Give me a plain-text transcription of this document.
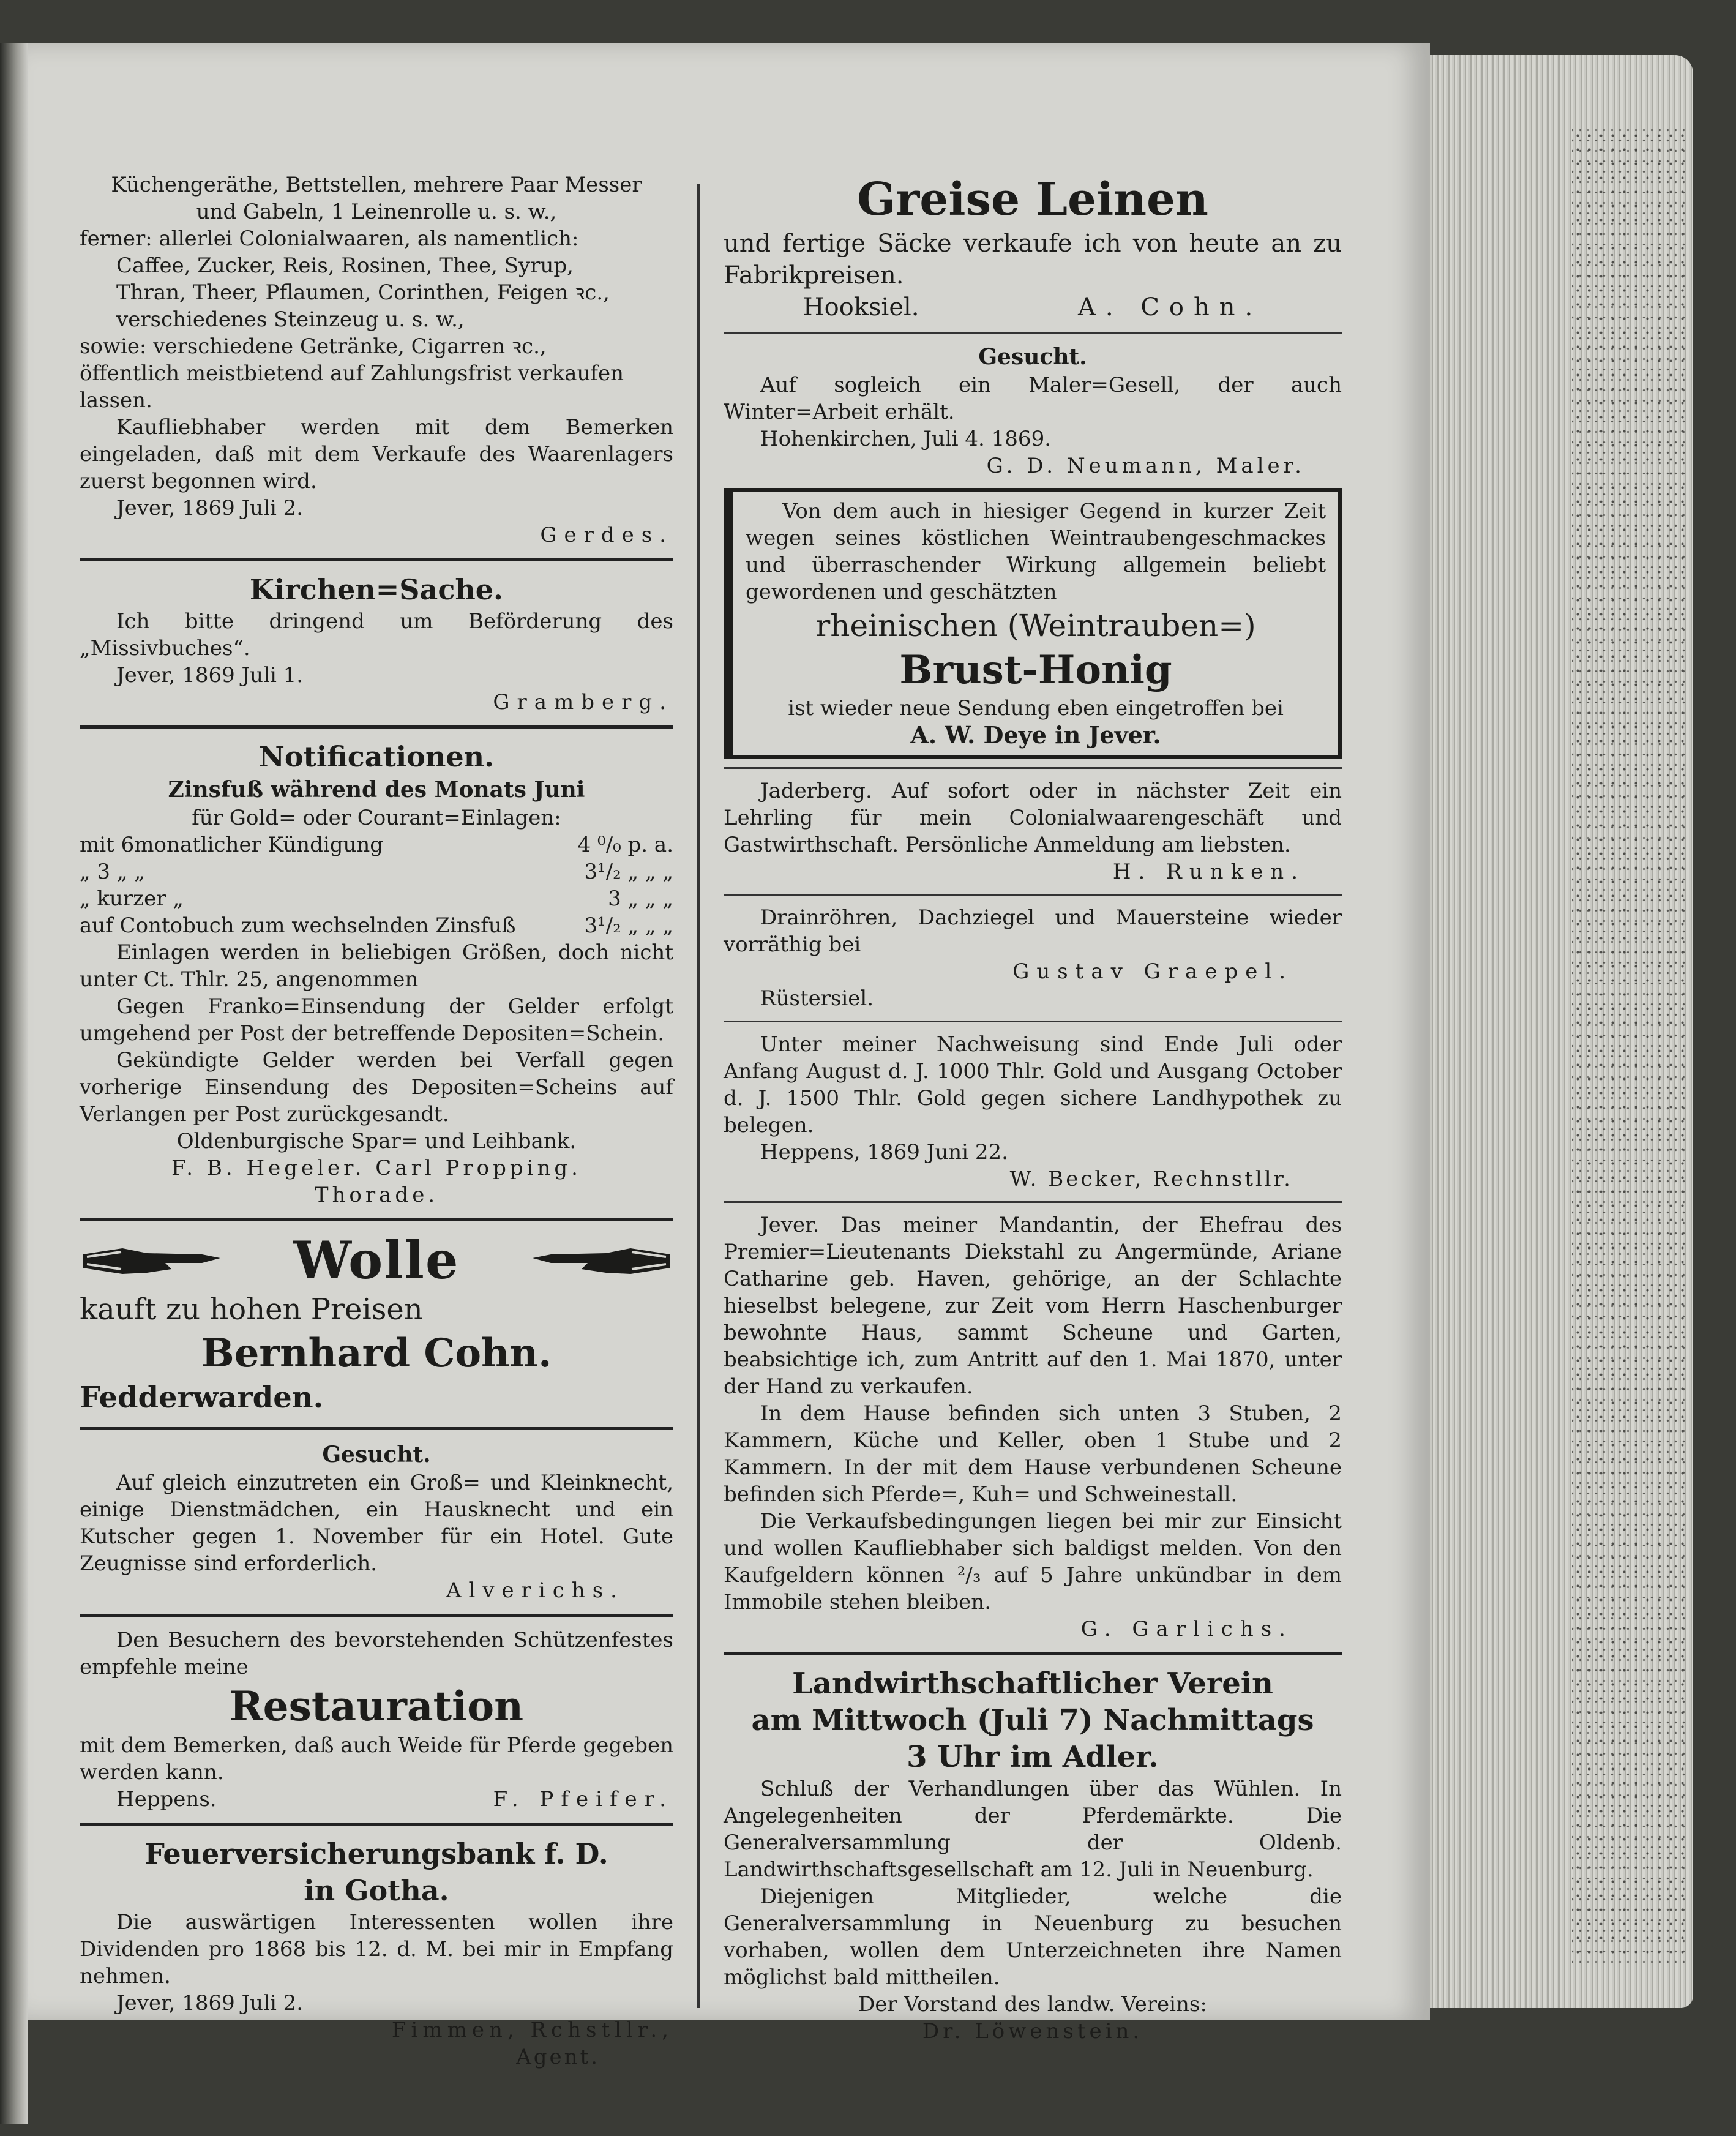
Küchengeräthe, Bettstellen, mehrere Paar Messer

und Gabeln, 1 Leinenrolle u. s. w.,

ferner: allerlei Colonialwaaren, als namentlich:

Caffee, Zucker, Reis, Rosinen, Thee, Syrup,

Thran, Theer, Pflaumen, Corinthen, Feigen ꝛc.,

verschiedenes Steinzeug u. s. w.,

sowie: verschiedene Getränke, Cigarren ꝛc.,

öffentlich meistbietend auf Zahlungsfrist verkaufen

lassen.

Kaufliebhaber werden mit dem Bemerken eingeladen, daß mit dem Verkaufe des Waarenlagers zuerst begonnen wird.

Jever, 1869 Juli 2.

Gerdes.

Kirchen=Sache.

Ich bitte dringend um Beförderung des „Missivbuches“.

Jever, 1869 Juli 1.

Gramberg.

Notificationen.
Zinsfuß während des Monats Juni

für Gold= oder Courant=Einlagen:

mit 6monatlicher Kündigung	4 ⁰/₀ p. a.
„ 3 „ „	3¹/₂ „ „ „
„ kurzer „	3 „ „ „
auf Contobuch zum wechselnden Zinsfuß	3¹/₂ „ „ „

Einlagen werden in beliebigen Größen, doch nicht unter Ct. Thlr. 25, angenommen

Gegen Franko=Einsendung der Gelder erfolgt umgehend per Post der betreffende Depositen=Schein.

Gekündigte Gelder werden bei Verfall gegen vorherige Einsendung des Depositen=Scheins auf Verlangen per Post zurückgesandt.

Oldenburgische Spar= und Leihbank.

F. B. Hegeler. Carl Propping.

Thorade.

Wolle

kauft zu hohen Preisen

Bernhard Cohn.

Fedderwarden.

Gesucht.

Auf gleich einzutreten ein Groß= und Kleinknecht, einige Dienstmädchen, ein Hausknecht und ein Kutscher gegen 1. November für ein Hotel. Gute Zeugnisse sind erforderlich.

Alverichs.

Den Besuchern des bevorstehenden Schützenfestes empfehle meine

Restauration

mit dem Bemerken, daß auch Weide für Pferde gegeben werden kann.

Heppens.	F. Pfeifer.

Feuerversicherungsbank f. D.
in Gotha.

Die auswärtigen Interessenten wollen ihre Dividenden pro 1868 bis 12. d. M. bei mir in Empfang nehmen.

Jever, 1869 Juli 2.

Fimmen, Rchstllr.,

Agent.

Greise Leinen

und fertige Säcke verkaufe ich von heute an zu Fabrikpreisen.

Hooksiel.	A. Cohn.

Gesucht.

Auf sogleich ein Maler=Gesell, der auch Winter=Arbeit erhält.

Hohenkirchen, Juli 4. 1869.

G. D. Neumann, Maler.

Von dem auch in hiesiger Gegend in kurzer Zeit wegen seines köstlichen Weintraubengeschmackes und überraschender Wirkung allgemein beliebt gewordenen und geschätzten

rheinischen (Weintrauben=)
Brust-Honig

ist wieder neue Sendung eben eingetroffen bei

A. W. Deye in Jever.

Jaderberg. Auf sofort oder in nächster Zeit ein Lehrling für mein Colonialwaarengeschäft und Gastwirthschaft. Persönliche Anmeldung am liebsten.

H. Runken.

Drainröhren, Dachziegel und Mauersteine wieder vorräthig bei

Gustav Graepel.

Rüstersiel.

Unter meiner Nachweisung sind Ende Juli oder Anfang August d. J. 1000 Thlr. Gold und Ausgang October d. J. 1500 Thlr. Gold gegen sichere Landhypothek zu belegen.

Heppens, 1869 Juni 22.

W. Becker, Rechnstllr.

Jever. Das meiner Mandantin, der Ehefrau des Premier=Lieutenants Diekstahl zu Angermünde, Ariane Catharine geb. Haven, gehörige, an der Schlachte hieselbst belegene, zur Zeit vom Herrn Haschenburger bewohnte Haus, sammt Scheune und Garten, beabsichtige ich, zum Antritt auf den 1. Mai 1870, unter der Hand zu verkaufen.

In dem Hause befinden sich unten 3 Stuben, 2 Kammern, Küche und Keller, oben 1 Stube und 2 Kammern. In der mit dem Hause verbundenen Scheune befinden sich Pferde=, Kuh= und Schweinestall.

Die Verkaufsbedingungen liegen bei mir zur Einsicht und wollen Kaufliebhaber sich baldigst melden. Von den Kaufgeldern können ²/₃ auf 5 Jahre unkündbar in dem Immobile stehen bleiben.

G. Garlichs.

Landwirthschaftlicher Verein
am Mittwoch (Juli 7) Nachmittags
3 Uhr im Adler.

Schluß der Verhandlungen über das Wühlen. In Angelegenheiten der Pferdemärkte. Die Generalversammlung der Oldenb. Landwirthschaftsgesellschaft am 12. Juli in Neuenburg.

Diejenigen Mitglieder, welche die Generalversammlung in Neuenburg zu besuchen vorhaben, wollen dem Unterzeichneten ihre Namen möglichst bald mittheilen.

Der Vorstand des landw. Vereins:

Dr. Löwenstein.
